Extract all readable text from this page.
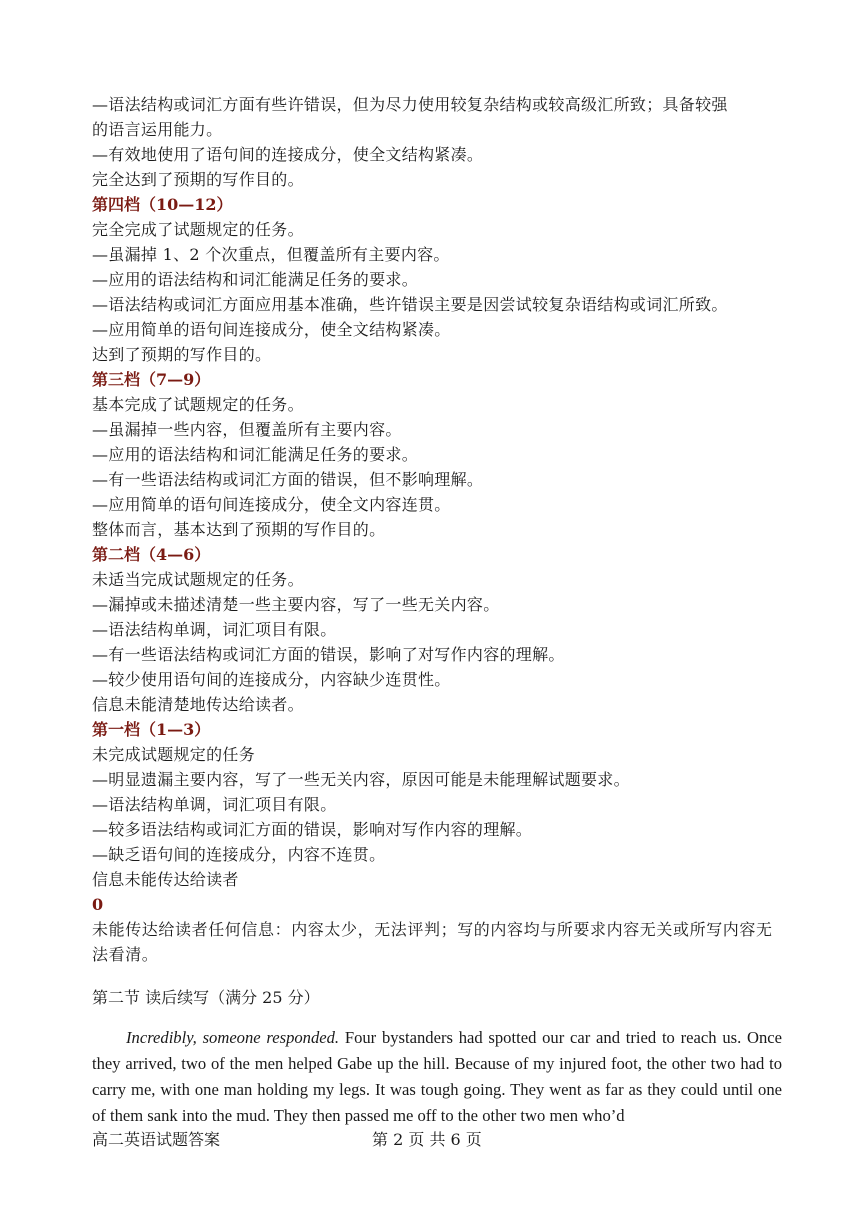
—语法结构或词汇方面有些许错误，但为尽力使用较复杂结构或较高级汇所致；具备较强
的语言运用能力。
—有效地使用了语句间的连接成分，使全文结构紧凑。
完全达到了预期的写作目的。
第四档（10—12）
完全完成了试题规定的任务。
—虽漏掉 1、2 个次重点，但覆盖所有主要内容。
—应用的语法结构和词汇能满足任务的要求。
—语法结构或词汇方面应用基本准确，些许错误主要是因尝试较复杂语结构或词汇所致。
—应用简单的语句间连接成分，使全文结构紧凑。
达到了预期的写作目的。
第三档（7—9）
基本完成了试题规定的任务。
—虽漏掉一些内容，但覆盖所有主要内容。
—应用的语法结构和词汇能满足任务的要求。
—有一些语法结构或词汇方面的错误，但不影响理解。
—应用简单的语句间连接成分，使全文内容连贯。
整体而言，基本达到了预期的写作目的。
第二档（4—6）
未适当完成试题规定的任务。
—漏掉或未描述清楚一些主要内容，写了一些无关内容。
—语法结构单调，词汇项目有限。
—有一些语法结构或词汇方面的错误，影响了对写作内容的理解。
—较少使用语句间的连接成分，内容缺少连贯性。
信息未能清楚地传达给读者。
第一档（1—3）
未完成试题规定的任务
—明显遗漏主要内容，写了一些无关内容，原因可能是未能理解试题要求。
—语法结构单调，词汇项目有限。
—较多语法结构或词汇方面的错误，影响对写作内容的理解。
—缺乏语句间的连接成分，内容不连贯。
信息未能传达给读者
0
未能传达给读者任何信息：内容太少，无法评判；写的内容均与所要求内容无关或所写内容无法看清。
第二节 读后续写（满分 25 分）
Incredibly, someone responded. Four bystanders had spotted our car and tried to reach us. Once they arrived, two of the men helped Gabe up the hill. Because of my injured foot, the other two had to carry me, with one man holding my legs. It was tough going. They went as far as they could until one of them sank into the mud. They then passed me off to the other two men who’d
高二英语试题答案	第 2 页 共 6 页
